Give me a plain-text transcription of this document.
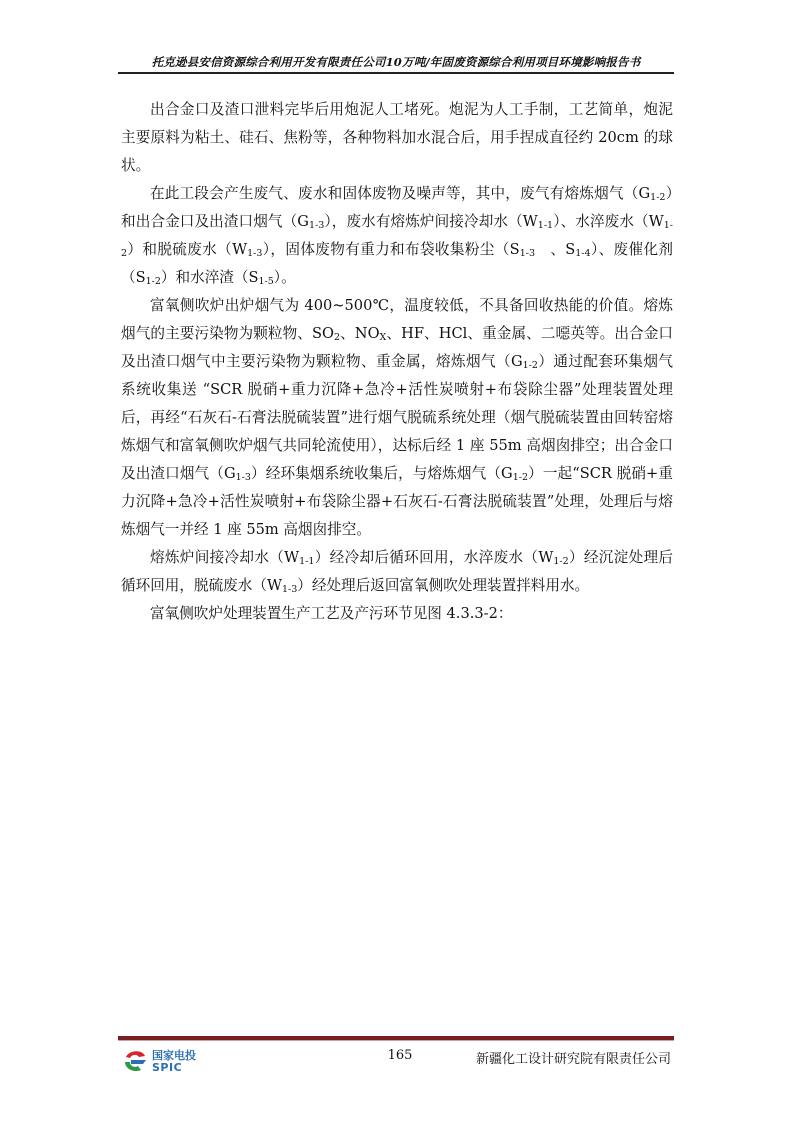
托克逊县安信资源综合利用开发有限责任公司10万吨/年固废资源综合利用项目环境影响报告书

出合金口及渣口泄料完毕后用炮泥人工堵死。炮泥为人工手制，工艺简单，炮泥主要原料为粘土、硅石、焦粉等，各种物料加水混合后，用手捏成直径约 20cm 的球状。

在此工段会产生废气、废水和固体废物及噪声等，其中，废气有熔炼烟气$(G_{1-2})$和出合金口及出渣口烟气$(G_{1-3})$，废水有熔炼炉间接冷却水$(W_{1-1})$、水淬废水$(W_{1-2})$和脱硫废水$(W_{1-3})$，固体废物有重力和布袋收集粉尘（$S_{1-3}$　、$S_{1-4}$）、废催化剂$(S_{1-2})$和水淬渣$(S_{1-5})$。

富氧侧吹炉出炉烟气为 400~500℃，温度较低，不具备回收热能的价值。熔炼烟气的主要污染物为颗粒物、$SO_2$、$NO_X$、HF、HCl、重金属、二噁英等。出合金口及出渣口烟气中主要污染物为颗粒物、重金属，熔炼烟气$(G_{1-2})$通过配套环集烟气系统收集送 “SCR 脱硝+重力沉降+急冷+活性炭喷射+布袋除尘器”处理装置处理后，再经“石灰石-石膏法脱硫装置”进行烟气脱硫系统处理（烟气脱硫装置由回转窑熔炼烟气和富氧侧吹炉烟气共同轮流使用），达标后经 1 座 55m 高烟囱排空；出合金口及出渣口烟气$(G_{1-3})$经环集烟系统收集后，与熔炼烟气$(G_{1-2})$一起“SCR 脱硝+重力沉降+急冷+活性炭喷射+布袋除尘器+石灰石-石膏法脱硫装置”处理，处理后与熔炼烟气一并经 1 座 55m 高烟囱排空。

熔炼炉间接冷却水$(W_{1-1})$经冷却后循环回用，水淬废水$(W_{1-2})$经沉淀处理后循环回用，脱硫废水$(W_{1-3})$经处理后返回富氧侧吹处理装置拌料用水。

富氧侧吹炉处理装置生产工艺及产污环节见图 4.3.3-2：

国家电投
SPIC
165	新疆化工设计研究院有限责任公司
